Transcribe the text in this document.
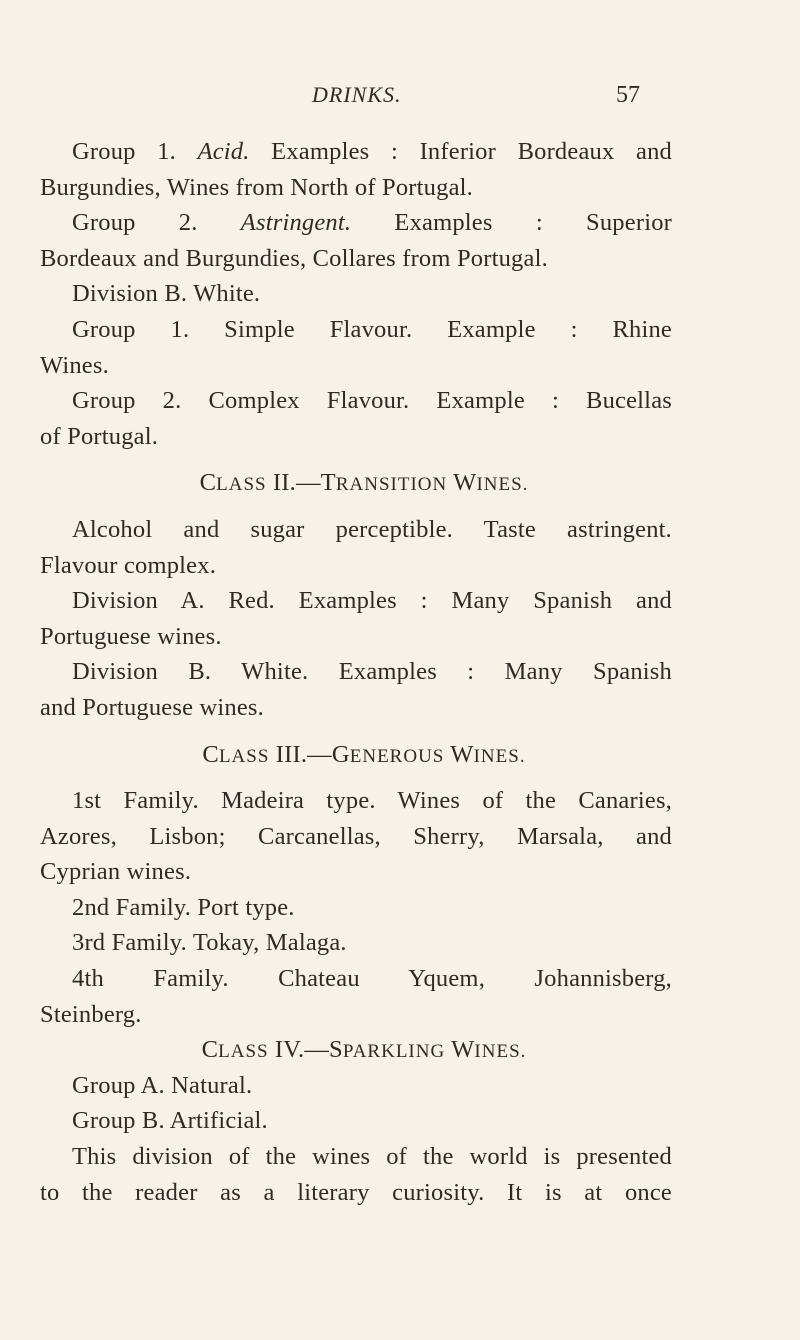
DRINKS.	57
Group 1. Acid. Examples : Inferior Bordeaux and
Burgundies, Wines from North of Portugal.
Group 2. Astringent. Examples : Superior
Bordeaux and Burgundies, Collares from Portugal.
Division B. White.
Group 1. Simple Flavour. Example : Rhine
Wines.
Group 2. Complex Flavour. Example : Bucellas
of Portugal.
CLASS II.—TRANSITION WINES.
Alcohol and sugar perceptible. Taste astringent.
Flavour complex.
Division A. Red. Examples : Many Spanish and
Portuguese wines.
Division B. White. Examples : Many Spanish
and Portuguese wines.
CLASS III.—GENEROUS WINES.
1st Family. Madeira type. Wines of the Canaries,
Azores, Lisbon; Carcanellas, Sherry, Marsala, and
Cyprian wines.
2nd Family. Port type.
3rd Family. Tokay, Malaga.
4th Family. Chateau Yquem, Johannisberg,
Steinberg.
CLASS IV.—SPARKLING WINES.
Group A. Natural.
Group B. Artificial.
This division of the wines of the world is presented
to the reader as a literary curiosity. It is at once
